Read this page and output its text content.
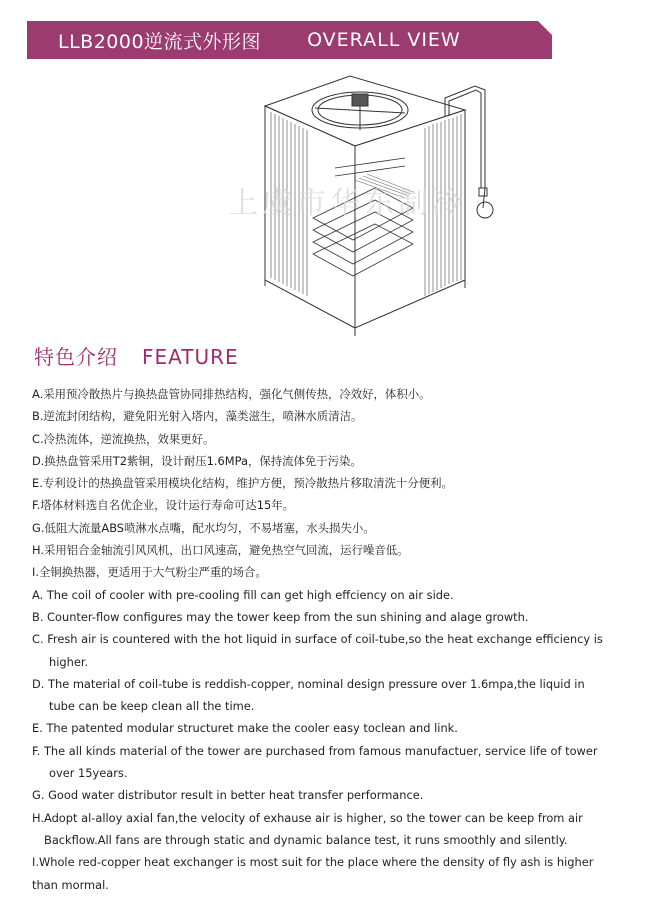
LLB2000逆流式外形图 OVERALL VIEW
上虞市华东制冷
特色介绍 FEATURE
A.采用预冷散热片与换热盘管协同排热结构，强化气侧传热，冷效好，体积小。
B.逆流封闭结构，避免阳光射入塔内，藻类滋生，喷淋水质清洁。
C.冷热流体，逆流换热，效果更好。
D.换热盘管采用T2紫铜，设计耐压1.6MPa，保持流体免于污染。
E.专利设计的热换盘管采用模块化结构，维护方便，预冷散热片移取清洗十分便利。
F.塔体材料选自名优企业，设计运行寿命可达15年。
G.低阻大流量ABS喷淋水点嘴，配水均匀，不易堵塞，水头损失小。
H.采用铝合金轴流引风风机，出口风速高，避免热空气回流，运行噪音低。
I.全铜换热器，更适用于大气粉尘严重的场合。
A. The coil of cooler with pre-cooling fill can get high effciency on air side.
B. Counter-flow configures may the tower keep from the sun shining and alage growth.
C. Fresh air is countered with the hot liquid in surface of coil-tube,so the heat exchange efficiency is
higher.
D. The material of coil-tube is reddish-copper, nominal design pressure over 1.6mpa,the liquid in
tube can be keep clean all the time.
E. The patented modular structuret make the cooler easy toclean and link.
F. The all kinds material of the tower are purchased from famous manufactuer, service life of tower
over 15years.
G. Good water distributor result in better heat transfer performance.
H.Adopt al-alloy axial fan,the velocity of exhause air is higher, so the tower can be keep from air
Backflow.All fans are through static and dynamic balance test, it runs smoothly and silently.
I.Whole red-copper heat exchanger is most suit for the place where the density of fly ash is higher
than mormal.
